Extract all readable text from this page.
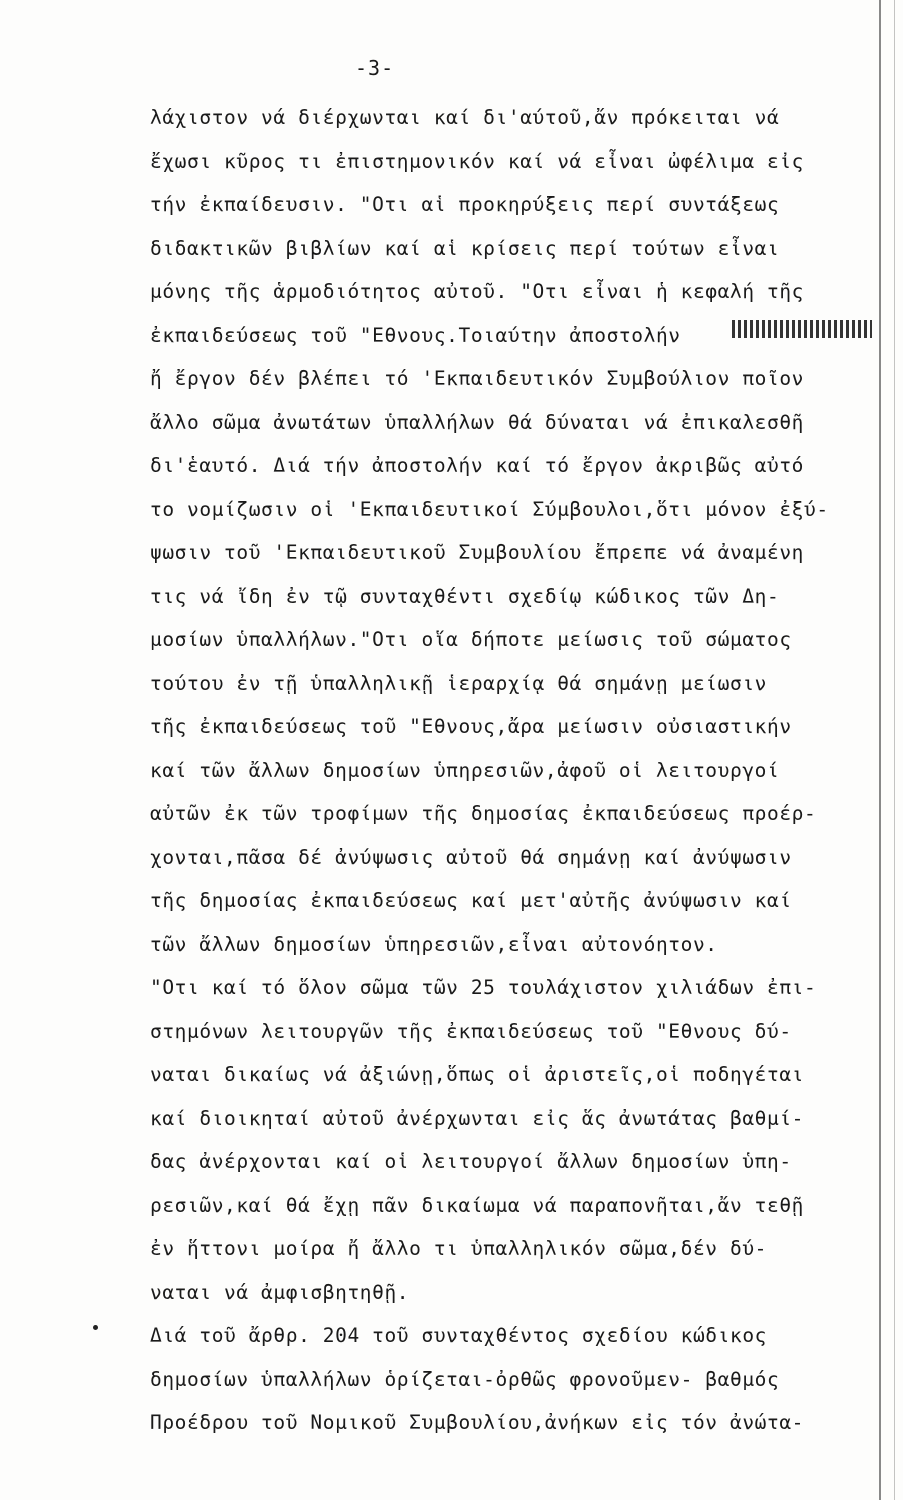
-3-
λάχιστον νά διέρχωνται καί δι'αύτοῦ,ἄν πρόκειται νά
ἔχωσι κῦρος τι ἐπιστημονικόν καί νά εἶναι ὠφέλιμα εἰς
τήν ἐκπαίδευσιν. "Οτι αἱ προκηρύξεις περί συντάξεως
διδακτικῶν βιβλίων καί αἱ κρίσεις περί τούτων εἶναι
μόνης τῆς ἁρμοδιότητος αὐτοῦ. "Οτι εἶναι ἡ κεφαλή τῆς
ἐκπαιδεύσεως τοῦ "Εθνους.Τοιαύτην ἀποστολήν
ἤ ἔργον δέν βλέπει τό 'Εκπαιδευτικόν Συμβούλιον ποῖον
ἄλλο σῶμα ἀνωτάτων ὑπαλλήλων θά δύναται νά ἐπικαλεσθῆ
δι'ἑαυτό. Διά τήν ἀποστολήν καί τό ἔργον ἀκριβῶς αὐτό
το νομίζωσιν οἱ 'Εκπαιδευτικοί Σύμβουλοι,ὅτι μόνον ἐξύ-
ψωσιν τοῦ 'Εκπαιδευτικοῦ Συμβουλίου ἔπρεπε νά ἀναμένη
τις νά ἴδη ἐν τῷ συνταχθέντι σχεδίῳ κώδικος τῶν Δη-
μοσίων ὑπαλλήλων."Οτι οἵα δήποτε μείωσις τοῦ σώματος
τούτου ἐν τῇ ὑπαλληλικῇ ἱεραρχίᾳ θά σημάνῃ μείωσιν
τῆς ἐκπαιδεύσεως τοῦ "Εθνους,ἄρα μείωσιν οὐσιαστικήν
καί τῶν ἄλλων δημοσίων ὑπηρεσιῶν,ἀφοῦ οἱ λειτουργοί
αὐτῶν ἐκ τῶν τροφίμων τῆς δημοσίας ἐκπαιδεύσεως προέρ-
χονται,πᾶσα δέ ἀνύψωσις αὐτοῦ θά σημάνῃ καί ἀνύψωσιν
τῆς δημοσίας ἐκπαιδεύσεως καί μετ'αὐτῆς ἀνύψωσιν καί
τῶν ἄλλων δημοσίων ὑπηρεσιῶν,εἶναι αὐτονόητον.
"Οτι καί τό ὅλον σῶμα τῶν 25 τουλάχιστον χιλιάδων ἐπι-
στημόνων λειτουργῶν τῆς ἐκπαιδεύσεως τοῦ "Εθνους δύ-
ναται δικαίως νά ἀξιώνῃ,ὅπως οἱ ἀριστεῖς,οἱ ποδηγέται
καί διοικηταί αὐτοῦ ἀνέρχωνται εἰς ἅς ἀνωτάτας βαθμί-
δας ἀνέρχονται καί οἱ λειτουργοί ἄλλων δημοσίων ὑπη-
ρεσιῶν,καί θά ἔχῃ πᾶν δικαίωμα νά παραπονῆται,ἄν τεθῇ
ἐν ἥττονι μοίρα ἤ ἄλλο τι ὑπαλληλικόν σῶμα,δέν δύ-
ναται νά ἀμφισβητηθῇ.
Διά τοῦ ἄρθρ. 204 τοῦ συνταχθέντος σχεδίου κώδικος
δημοσίων ὑπαλλήλων ὁρίζεται-ὀρθῶς φρονοῦμεν- βαθμός
Προέδρου τοῦ Νομικοῦ Συμβουλίου,ἀνήκων εἰς τόν ἀνώτα-
